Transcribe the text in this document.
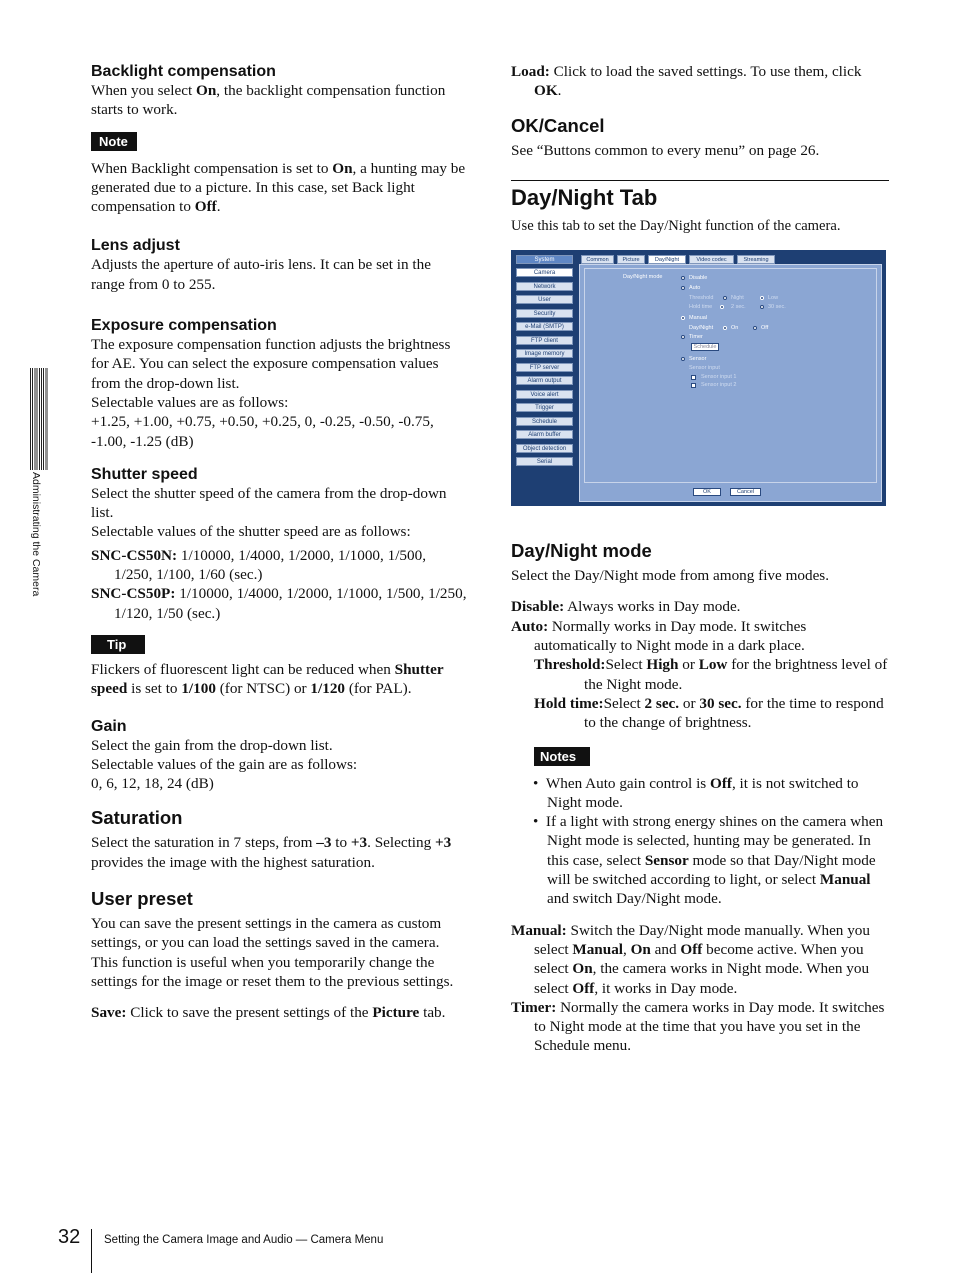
Administrating the Camera
Backlight compensation

When you select On, the backlight compensation function starts to work.

Note

When Backlight compensation is set to On, a hunting may be generated due to a picture. In this case, set Back light compensation to Off.

Lens adjust

Adjusts the aperture of auto-iris lens. It can be set in the range from 0 to 255.

Exposure compensation

The exposure compensation function adjusts the brightness for AE. You can select the exposure compensation values from the drop-down list.

Selectable values are as follows:

+1.25, +1.00, +0.75, +0.50, +0.25, 0, -0.25, -0.50, -0.75, -1.00, -1.25 (dB)

Shutter speed

Select the shutter speed of the camera from the drop-down list.

Selectable values of the shutter speed are as follows:

SNC-CS50N: 1/10000, 1/4000, 1/2000, 1/1000, 1/500, 1/250, 1/100, 1/60 (sec.)

SNC-CS50P: 1/10000, 1/4000, 1/2000, 1/1000, 1/500, 1/250, 1/120, 1/50 (sec.)

Tip

Flickers of fluorescent light can be reduced when Shutter speed is set to 1/100 (for NTSC) or 1/120 (for PAL).

Gain

Select the gain from the drop-down list.

Selectable values of the gain are as follows:

0, 6, 12, 18, 24 (dB)

Saturation

Select the saturation in 7 steps, from –3 to +3. Selecting +3 provides the image with the highest saturation.

User preset

You can save the present settings in the camera as custom settings, or you can load the settings saved in the camera.

This function is useful when you temporarily change the settings for the image or reset them to the previous settings.

Save: Click to save the present settings of the Picture tab.

Load: Click to load the saved settings. To use them, click OK.

OK/Cancel

See “Buttons common to every menu” on page 26.

Day/Night Tab

Use this tab to set the Day/Night function of the camera.

System
Camera
Network
User
Security
e-Mail (SMTP)
FTP client
Image memory
FTP server
Alarm output
Voice alert
Trigger
Schedule
Alarm buffer
Object detection
Serial
Common	Picture	Day/Night	Video codec	Streaming
Day/Night mode	Disable
Auto
Threshold	Night	Low
Hold time	2 sec.	30 sec.
Manual
Day/Night	On	Off
Timer
Schedule
Sensor
Sensor input
Sensor input 1
Sensor input 2
OK	Cancel
Day/Night mode

Select the Day/Night mode from among five modes.

Disable: Always works in Day mode.

Auto: Normally works in Day mode. It switches automatically to Night mode in a dark place.

Threshold:Select High or Low for the brightness level of the Night mode.

Hold time:Select 2 sec. or 30 sec. for the time to respond to the change of brightness.

Notes
•  When Auto gain control is Off, it is not switched to Night mode.
•  If a light with strong energy shines on the camera when Night mode is selected, hunting may be generated. In this case, select Sensor mode so that Day/Night mode will be switched according to light, or select Manual and switch Day/Night mode.

Manual: Switch the Day/Night mode manually. When you select Manual, On and Off become active. When you select On, the camera works in Night mode. When you select Off, it works in Day mode.

Timer: Normally the camera works in Day mode. It switches to Night mode at the time that you have you set in the Schedule menu.

32 Setting the Camera Image and Audio — Camera Menu
